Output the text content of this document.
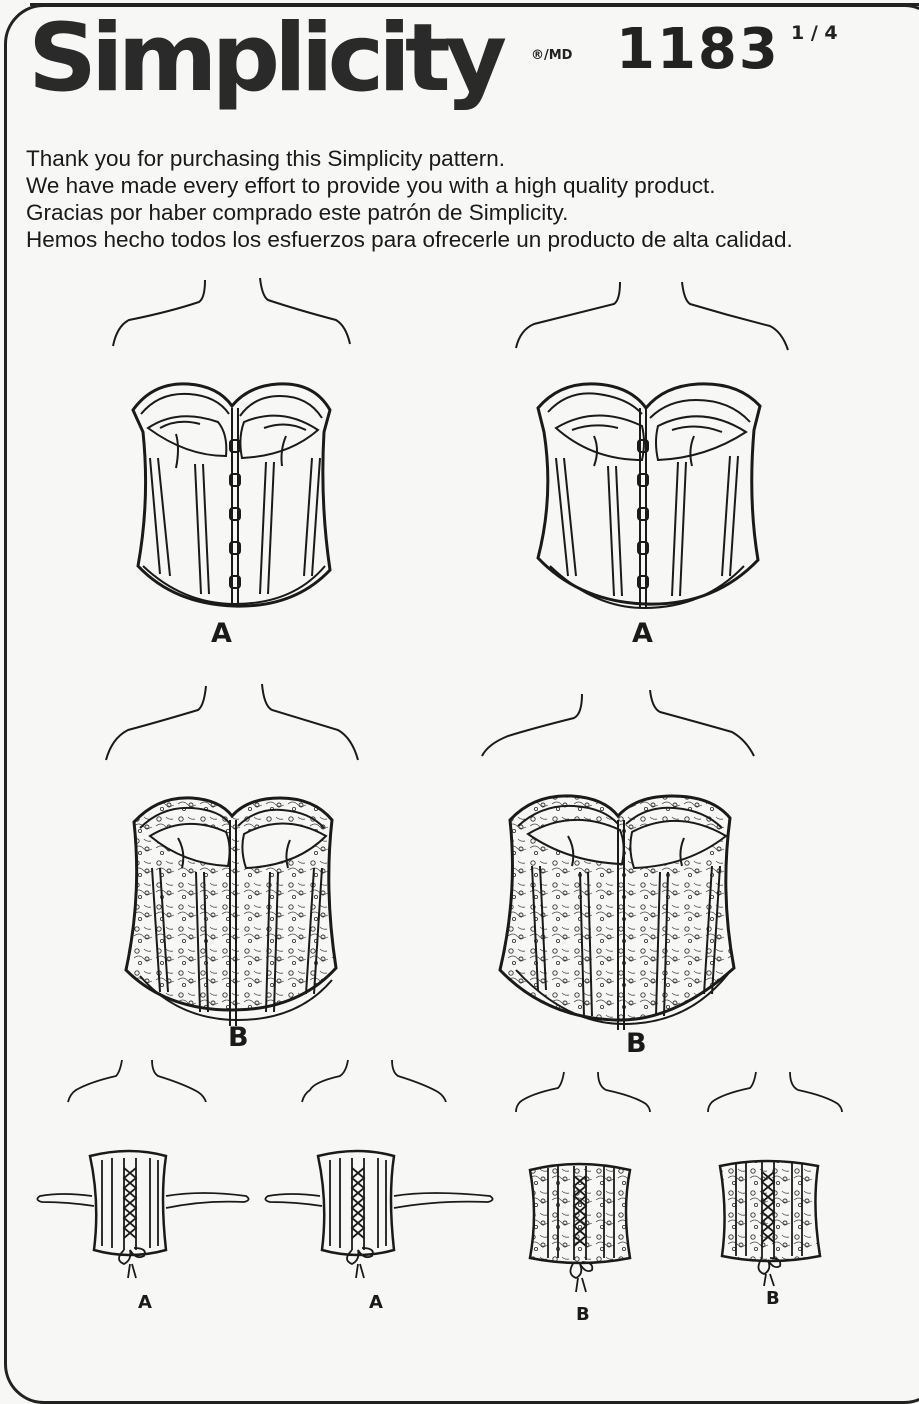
Simplicity ®/MD 1183 1 / 4
Thank you for purchasing this Simplicity pattern.
We have made every effort to provide you with a high quality product.
Gracias por haber comprado este patrón de Simplicity.
Hemos hecho todos los esfuerzos para ofrecerle un producto de alta calidad.
A	A
B	B
A	A
B
B
